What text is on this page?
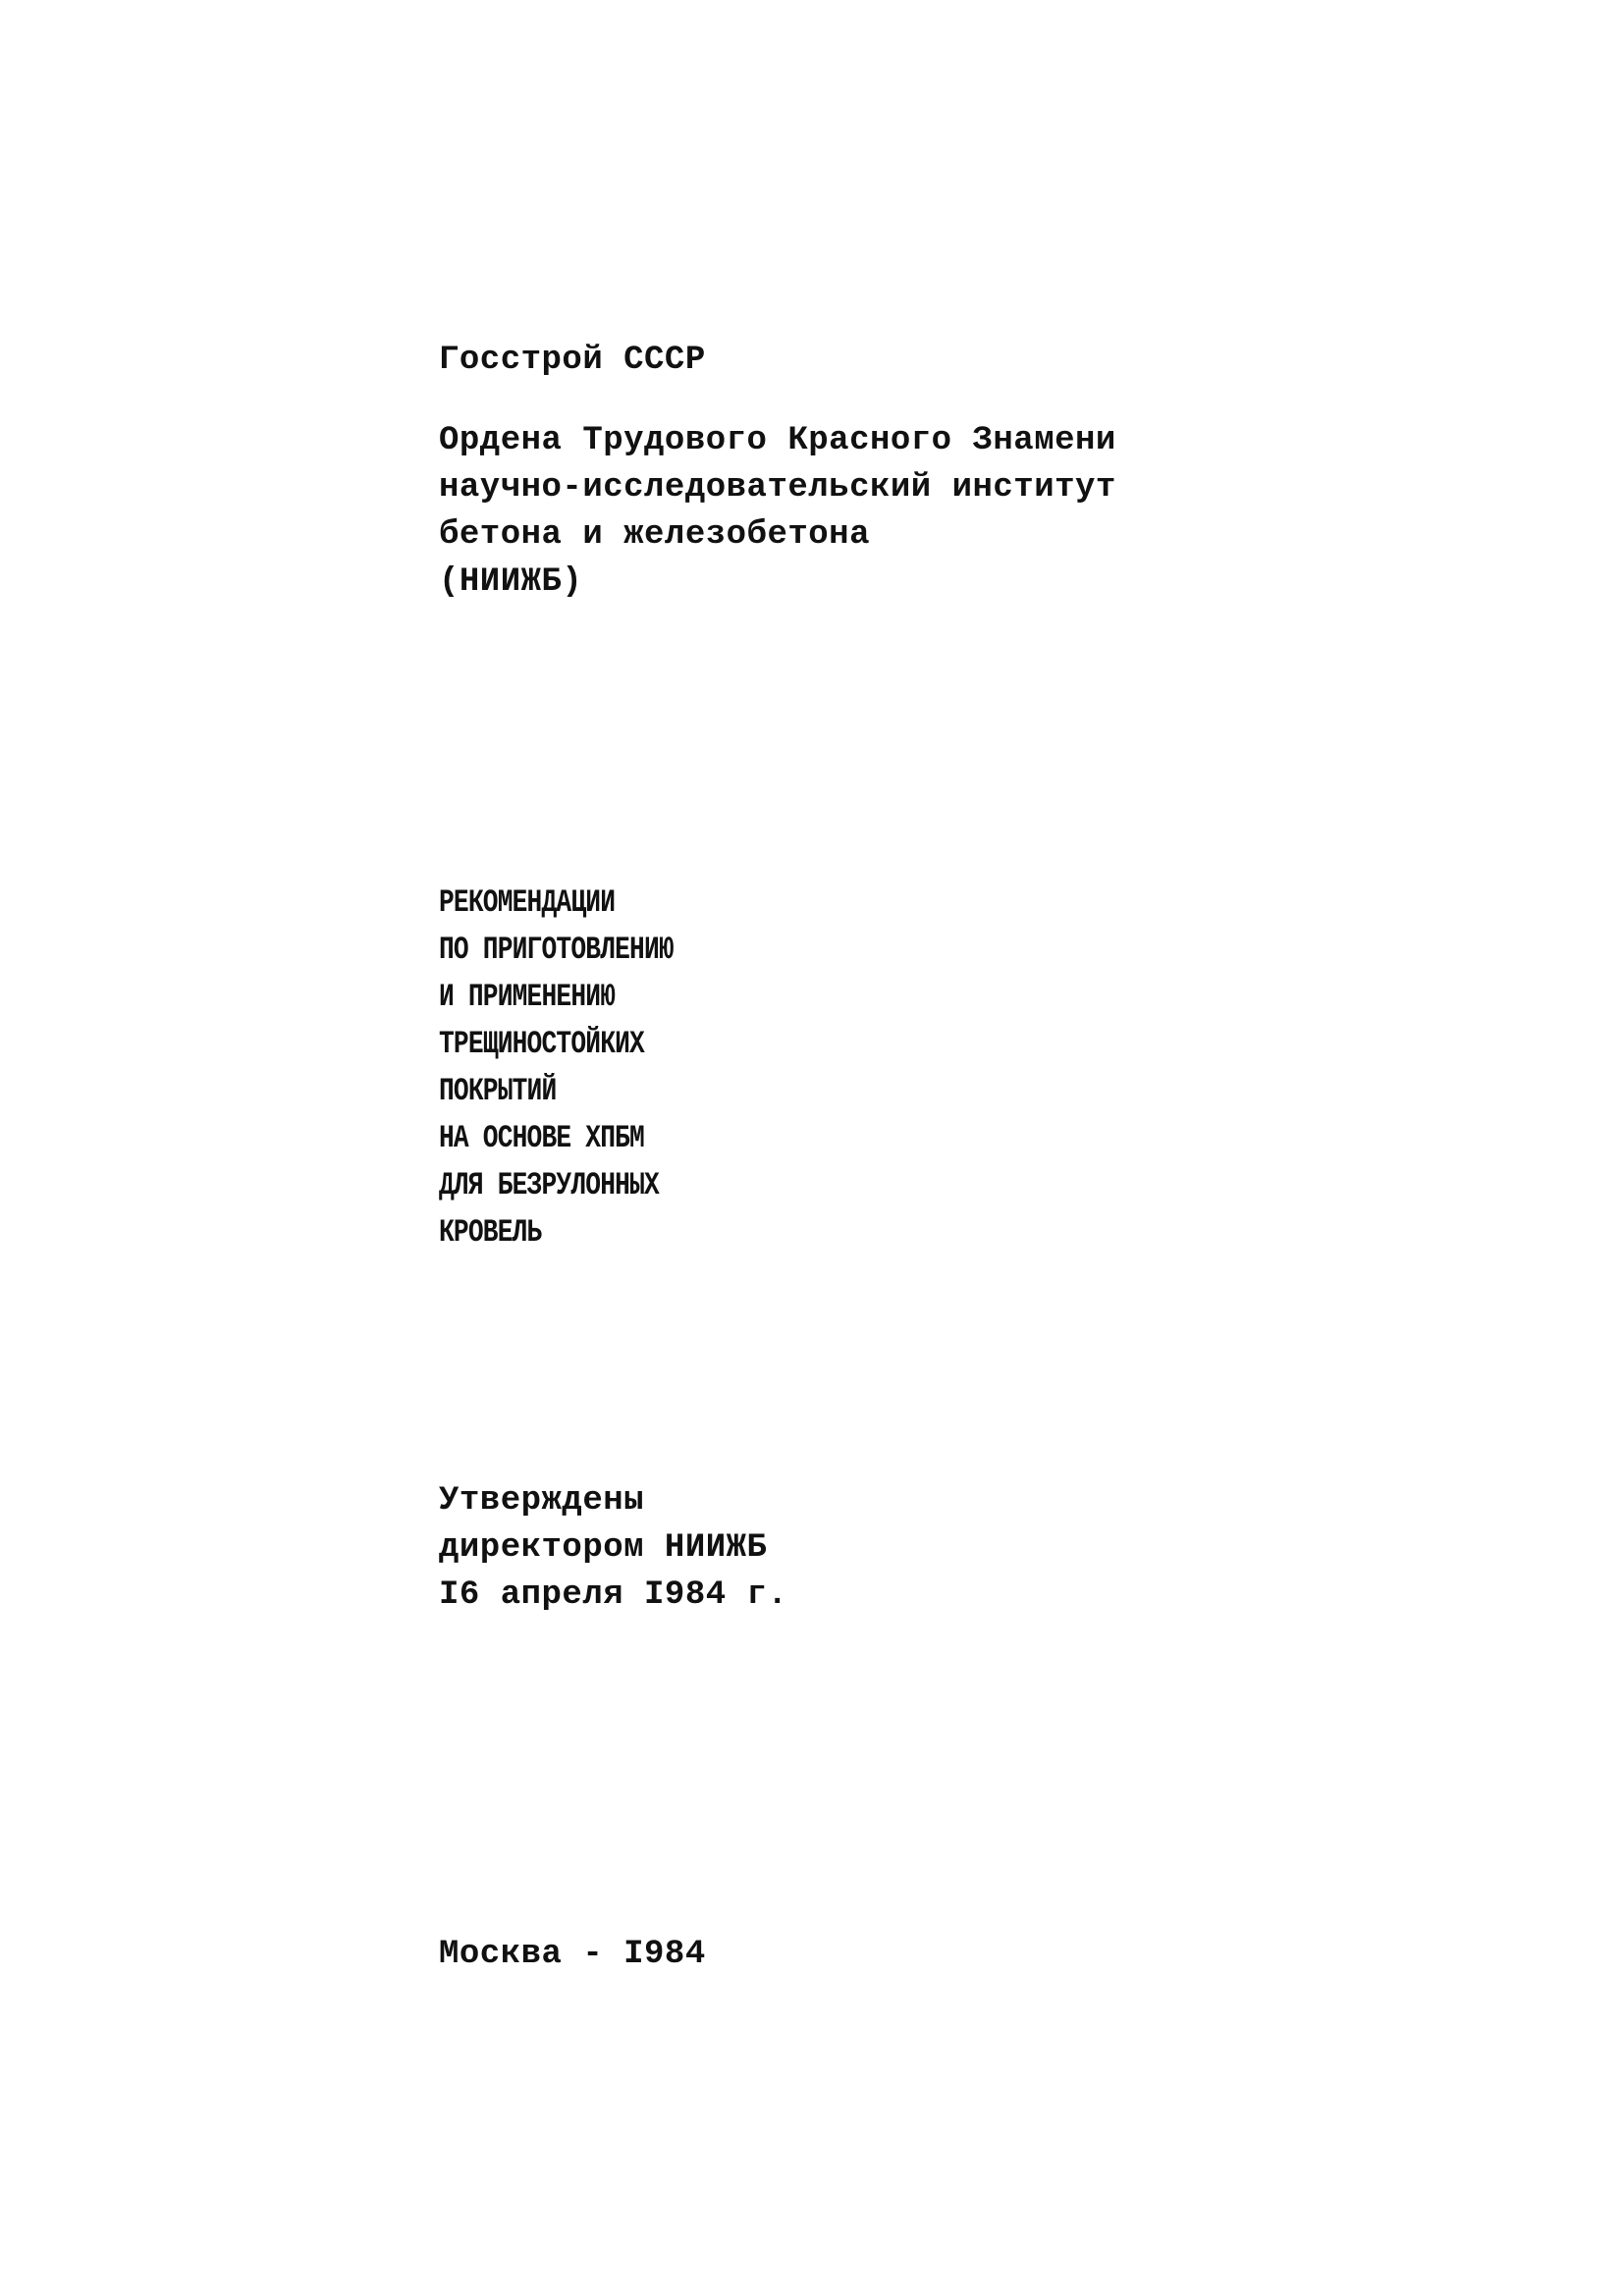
Госстрой СССР
Ордена Трудового Красного Знамени
научно-исследовательский институт
бетона и железобетона
(НИИЖБ)
РЕКОМЕНДАЦИИ
ПО ПРИГОТОВЛЕНИЮ
И ПРИМЕНЕНИЮ
ТРЕЩИНОСТОЙКИХ
ПОКРЫТИЙ
НА ОСНОВЕ ХПБМ
ДЛЯ БЕЗРУЛОННЫХ
КРОВЕЛЬ
Утверждены
директором НИИЖБ
I6 апреля I984 г.
Москва - I984
